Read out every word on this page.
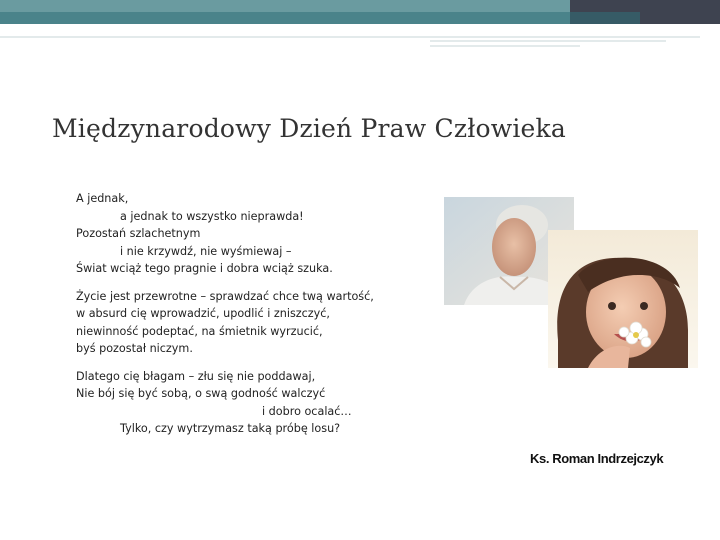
Międzynarodowy Dzień Praw Człowieka
A jednak,
a jednak to wszystko nieprawda!
Pozostań szlachetnym
i nie krzywdź, nie wyśmiewaj –
Świat wciąż tego pragnie i dobra wciąż szuka.
Życie jest przewrotne – sprawdzać chce twą wartość,
w absurd cię wprowadzić, upodlić i zniszczyć,
niewinność podeptać, na śmietnik wyrzucić,
byś pozostał niczym.
Dlatego cię błagam – złu się nie poddawaj,
Nie bój się być sobą, o swą godność walczyć
i dobro ocalać…
Tylko, czy wytrzymasz taką próbę losu?
Ks. Roman Indrzejczyk
